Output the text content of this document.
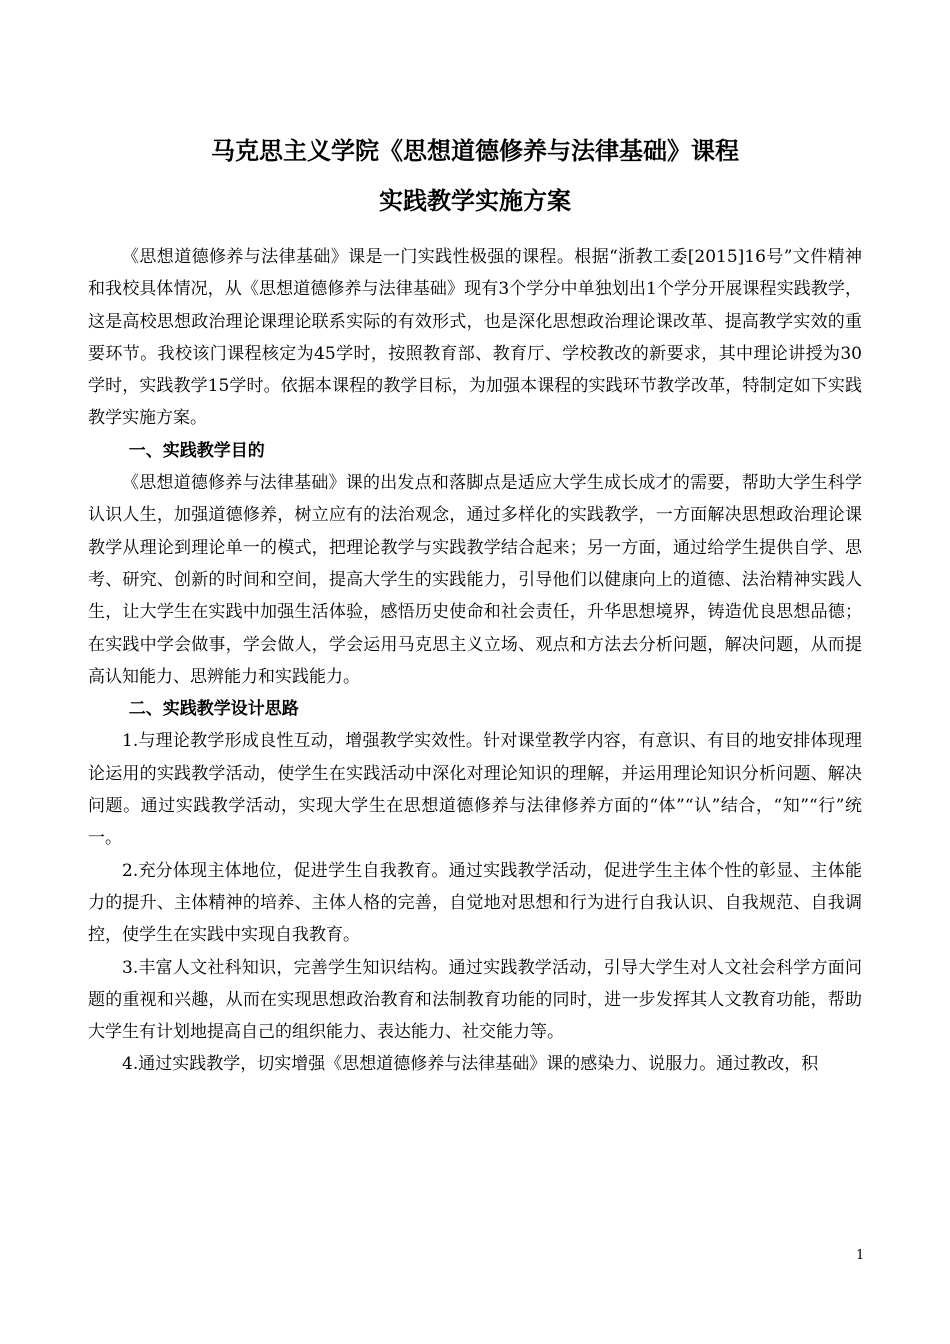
马克思主义学院《思想道德修养与法律基础》课程
实践教学实施方案

《思想道德修养与法律基础》课是一门实践性极强的课程。根据“浙教工委[2015]16号”文件精神和我校具体情况，从《思想道德修养与法律基础》现有3个学分中单独划出1个学分开展课程实践教学，这是高校思想政治理论课理论联系实际的有效形式，也是深化思想政治理论课改革、提高教学实效的重要环节。我校该门课程核定为45学时，按照教育部、教育厅、学校教改的新要求，其中理论讲授为30学时，实践教学15学时。依据本课程的教学目标，为加强本课程的实践环节教学改革，特制定如下实践教学实施方案。

一、实践教学目的

《思想道德修养与法律基础》课的出发点和落脚点是适应大学生成长成才的需要，帮助大学生科学认识人生，加强道德修养，树立应有的法治观念，通过多样化的实践教学，一方面解决思想政治理论课教学从理论到理论单一的模式，把理论教学与实践教学结合起来；另一方面，通过给学生提供自学、思考、研究、创新的时间和空间，提高大学生的实践能力，引导他们以健康向上的道德、法治精神实践人生，让大学生在实践中加强生活体验，感悟历史使命和社会责任，升华思想境界，铸造优良思想品德；在实践中学会做事，学会做人，学会运用马克思主义立场、观点和方法去分析问题，解决问题，从而提高认知能力、思辨能力和实践能力。

二、实践教学设计思路

1.与理论教学形成良性互动，增强教学实效性。针对课堂教学内容，有意识、有目的地安排体现理论运用的实践教学活动，使学生在实践活动中深化对理论知识的理解，并运用理论知识分析问题、解决问题。通过实践教学活动，实现大学生在思想道德修养与法律修养方面的“体”“认”结合，“知”“行”统一。

2.充分体现主体地位，促进学生自我教育。通过实践教学活动，促进学生主体个性的彰显、主体能力的提升、主体精神的培养、主体人格的完善，自觉地对思想和行为进行自我认识、自我规范、自我调控，使学生在实践中实现自我教育。

3.丰富人文社科知识，完善学生知识结构。通过实践教学活动，引导大学生对人文社会科学方面问题的重视和兴趣，从而在实现思想政治教育和法制教育功能的同时，进一步发挥其人文教育功能，帮助大学生有计划地提高自己的组织能力、表达能力、社交能力等。

4.通过实践教学，切实增强《思想道德修养与法律基础》课的感染力、说服力。通过教改，积

1
